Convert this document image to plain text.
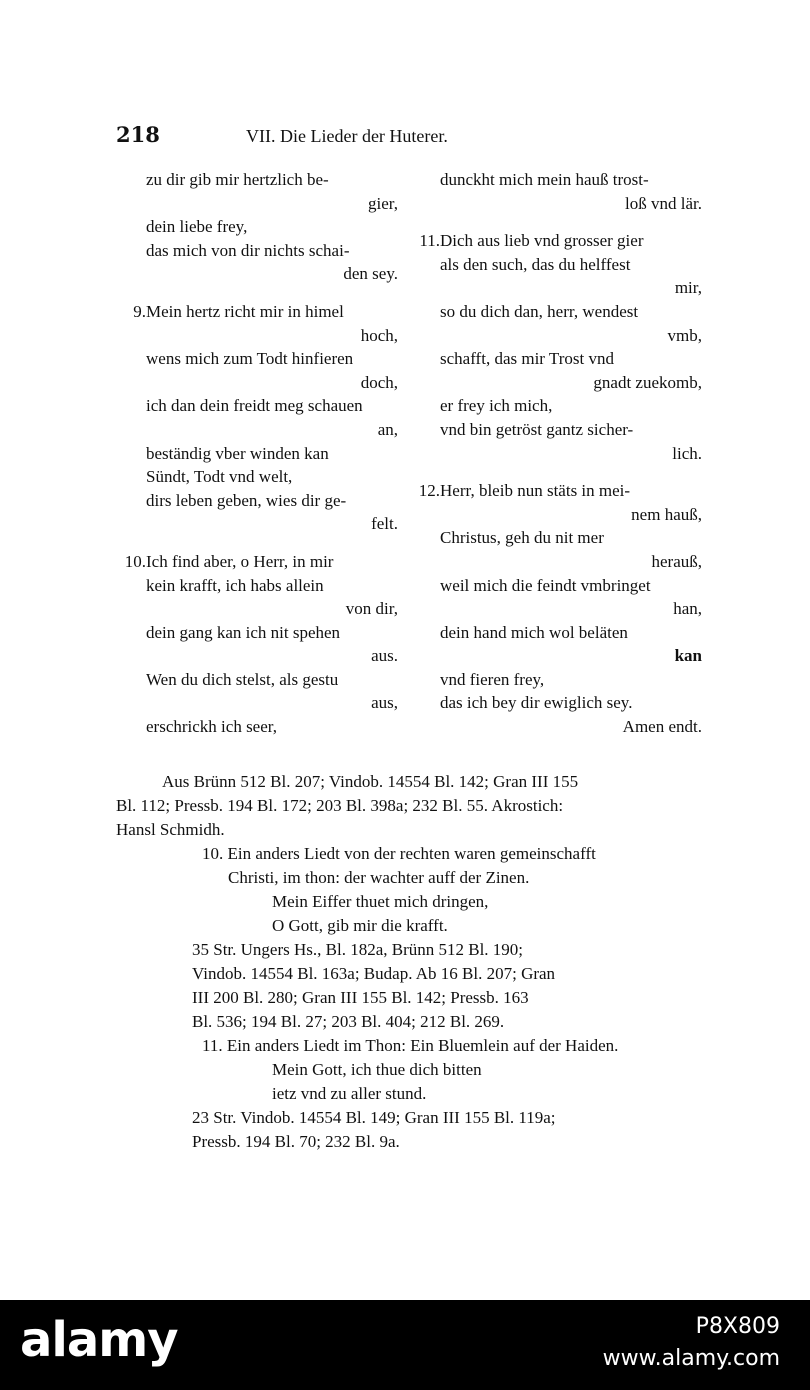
218	VII. Die Lieder der Huterer.
zu dir gib mir hertzlich be-
gier,
dein liebe frey,
das mich von dir nichts schai-
den sey.
9.Mein hertz richt mir in himel
hoch,
wens mich zum Todt hinfieren
doch,
ich dan dein freidt meg schauen
an,
beständig vber winden kan
Sündt, Todt vnd welt,
dirs leben geben, wies dir ge-
felt.
10.Ich find aber, o Herr, in mir
kein krafft, ich habs allein
von dir,
dein gang kan ich nit spehen
aus.
Wen du dich stelst, als gestu
aus,
erschrickh ich seer,
dunckht mich mein hauß trost-
loß vnd lär.
11.Dich aus lieb vnd grosser gier
als den such, das du helffest
mir,
so du dich dan, herr, wendest
vmb,
schafft, das mir Trost vnd
gnadt zuekomb,
er frey ich mich,
vnd bin getröst gantz sicher-
lich.
12.Herr, bleib nun stäts in mei-
nem hauß,
Christus, geh du nit mer
herauß,
weil mich die feindt vmbringet
han,
dein hand mich wol beläten
kan
vnd fieren frey,
das ich bey dir ewiglich sey.
Amen endt.
Aus Brünn 512 Bl. 207; Vindob. 14554 Bl. 142; Gran III 155
Bl. 112; Pressb. 194 Bl. 172; 203 Bl. 398a; 232 Bl. 55. Akrostich:
Hansl Schmidh.
10. Ein anders Liedt von der rechten waren gemeinschafft
Christi, im thon: der wachter auff der Zinen.
Mein Eiffer thuet mich dringen,
O Gott, gib mir die krafft.
35 Str. Ungers Hs., Bl. 182a, Brünn 512 Bl. 190;
Vindob. 14554 Bl. 163a; Budap. Ab 16 Bl. 207; Gran
III 200 Bl. 280; Gran III 155 Bl. 142; Pressb. 163
Bl. 536; 194 Bl. 27; 203 Bl. 404; 212 Bl. 269.
11. Ein anders Liedt im Thon: Ein Bluemlein auf der Haiden.
Mein Gott, ich thue dich bitten
ietz vnd zu aller stund.
23 Str. Vindob. 14554 Bl. 149; Gran III 155 Bl. 119a;
Pressb. 194 Bl. 70; 232 Bl. 9a.
alamy	P8X809
www.alamy.com
